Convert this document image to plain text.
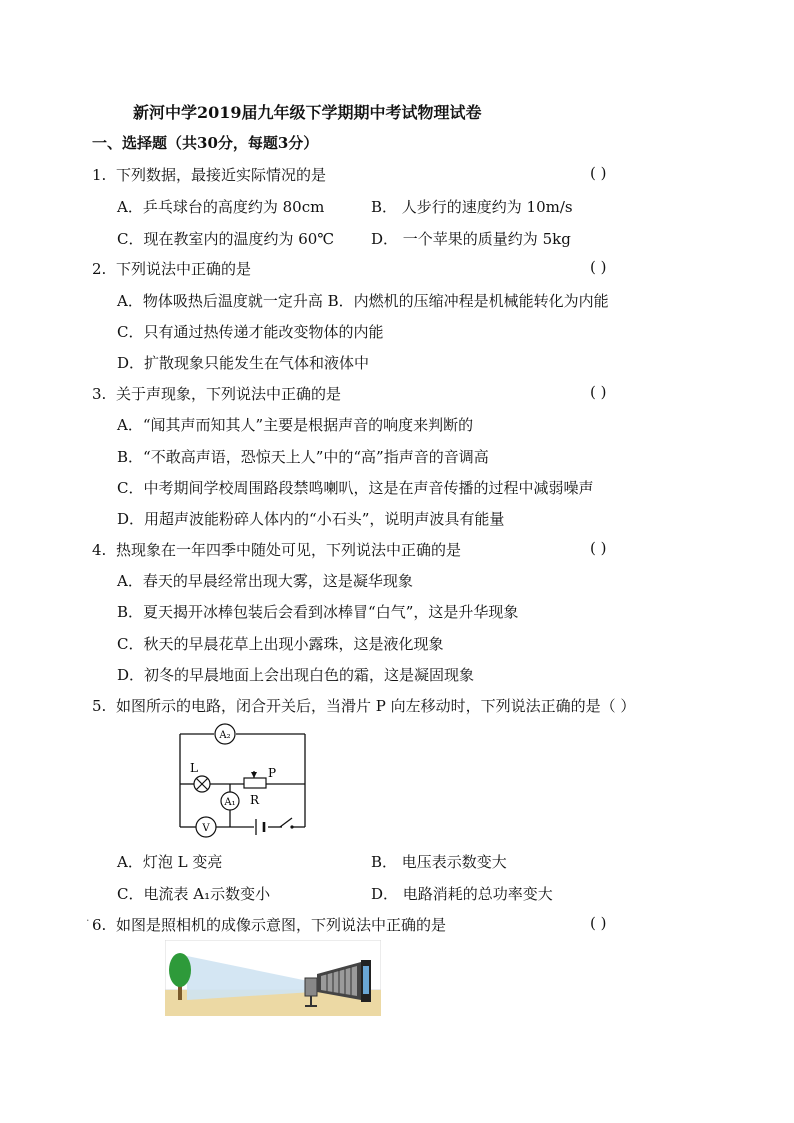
新河中学2019届九年级下学期期中考试物理试卷
一、选择题（共30分，每题3分）
1. 下列数据，最接近实际情况的是	( )
A．乒乓球台的高度约为 80cm	B． 人步行的速度约为 10m/s
C．现在教室内的温度约为 60℃ D． 一个苹果的质量约为 5kg
2. 下列说法中正确的是	( )
A．物体吸热后温度就一定升高 B．内燃机的压缩冲程是机械能转化为内能
C．只有通过热传递才能改变物体的内能
D．扩散现象只能发生在气体和液体中
3. 关于声现象，下列说法中正确的是	( )
A．“闻其声而知其人”主要是根据声音的响度来判断的
B．“不敢高声语，恐惊天上人”中的“高”指声音的音调高
C．中考期间学校周围路段禁鸣喇叭，这是在声音传播的过程中减弱噪声
D．用超声波能粉碎人体内的“小石头”，说明声波具有能量
4. 热现象在一年四季中随处可见，下列说法中正确的是	( )
A．春天的早晨经常出现大雾，这是凝华现象
B．夏天揭开冰棒包装后会看到冰棒冒“白气”，这是升华现象
C．秋天的早晨花草上出现小露珠，这是液化现象
D．初冬的早晨地面上会出现白色的霜，这是凝固现象
5. 如图所示的电路，闭合开关后，当滑片 P 向左移动时，下列说法正确的是（ ）
A₂
A₁
V
L	P
R
A．灯泡 L 变亮	B． 电压表示数变大
C．电流表 A₁示数变小	D． 电路消耗的总功率变大
· 6. 如图是照相机的成像示意图，下列说法中正确的是	( )
